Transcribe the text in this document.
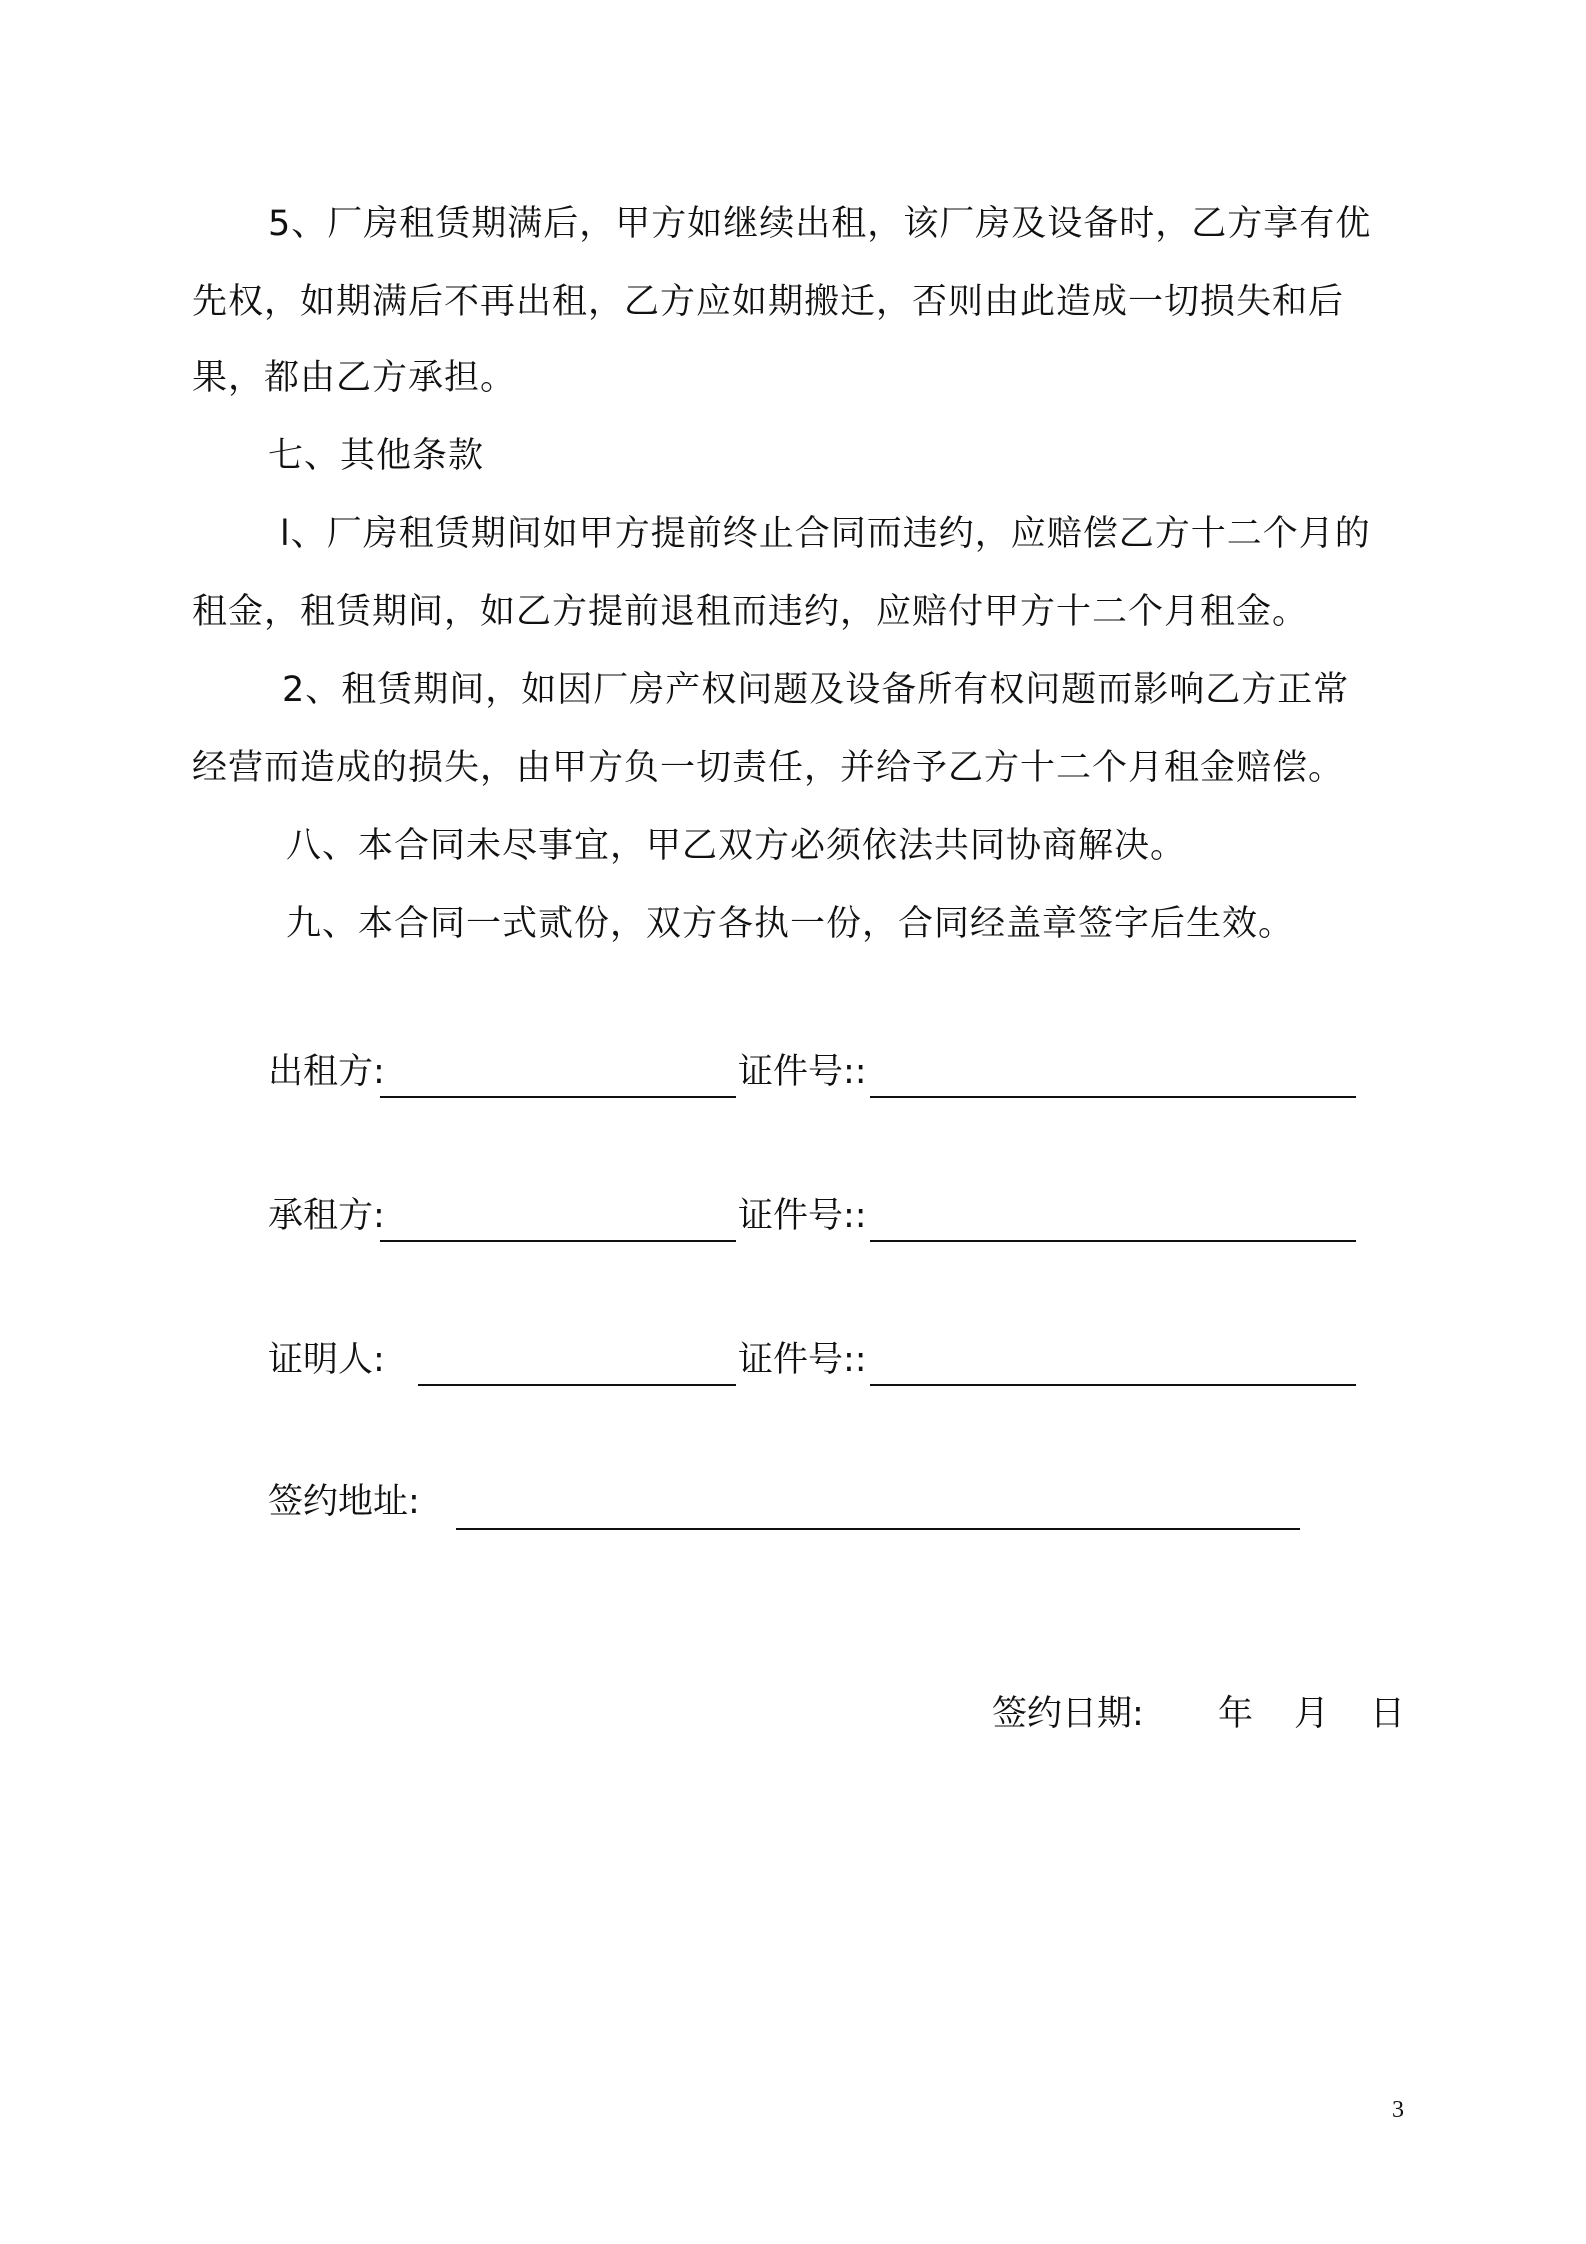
5、厂房租赁期满后，甲方如继续出租，该厂房及设备时，乙方享有优
先权，如期满后不再出租，乙方应如期搬迁，否则由此造成一切损失和后
果，都由乙方承担。
七、其他条款
l、厂房租赁期间如甲方提前终止合同而违约，应赔偿乙方十二个月的
租金，租赁期间，如乙方提前退租而违约，应赔付甲方十二个月租金。
2、租赁期间，如因厂房产权问题及设备所有权问题而影响乙方正常
经营而造成的损失，由甲方负一切责任，并给予乙方十二个月租金赔偿。
八、本合同未尽事宜，甲乙双方必须依法共同协商解决。
九、本合同一式贰份，双方各执一份，合同经盖章签字后生效。
出租方:	证件号::
承租方:	证件号::
证明人:	证件号::
签约地址:
签约日期: 年 月 日
3
